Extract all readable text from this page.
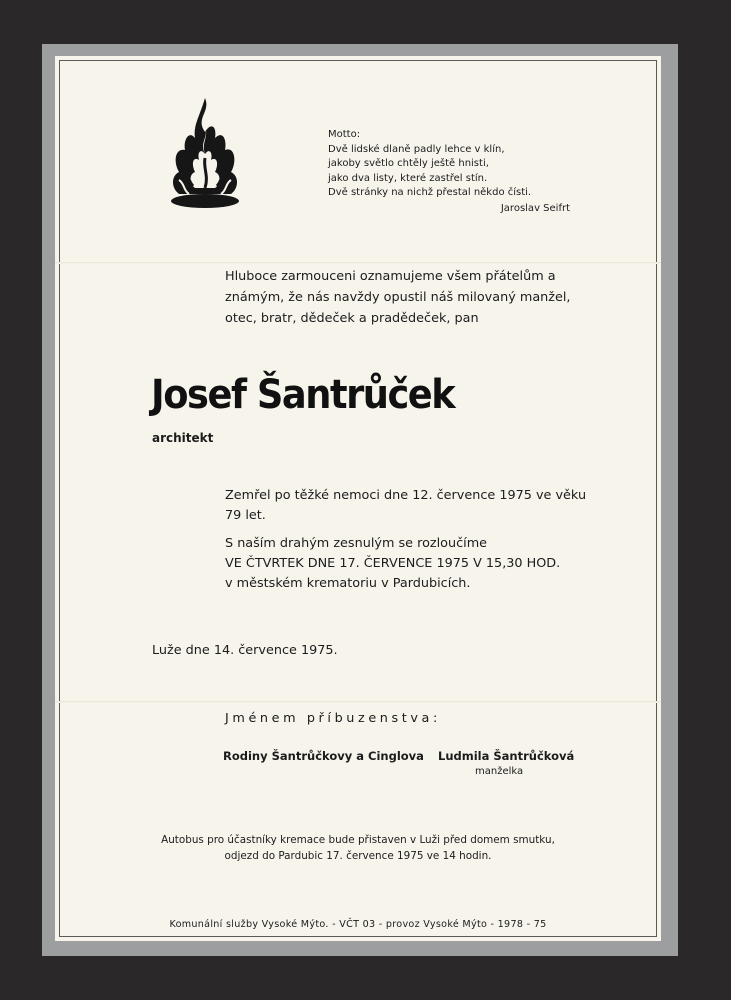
Motto:
Dvě lidské dlaně padly lehce v klín,
jakoby světlo chtěly ještě hnisti,
jako dva listy, které zastřel stín.
Dvě stránky na nichž přestal někdo čísti.
Jaroslav Seifrt
Hluboce zarmouceni oznamujeme všem přátelům a
známým, že nás navždy opustil náš milovaný manžel,
otec, bratr, dědeček a pradědeček, pan
Josef Šantrůček
architekt
Zemřel po těžké nemoci dne 12. července 1975 ve věku
79 let.
S naším drahým zesnulým se rozloučíme
VE ČTVRTEK DNE 17. ČERVENCE 1975 V 15,30 HOD.
v městském krematoriu v Pardubicích.
Luže dne 14. července 1975.
Jménem příbuzenstva:
Rodiny Šantrůčkovy a Cinglova Ludmila Šantrůčková
manželka
Autobus pro účastníky kremace bude přistaven v Luži před domem smutku,
odjezd do Pardubic 17. července 1975 ve 14 hodin.
Komunální služby Vysoké Mýto. - VČT 03 - provoz Vysoké Mýto - 1978 - 75
